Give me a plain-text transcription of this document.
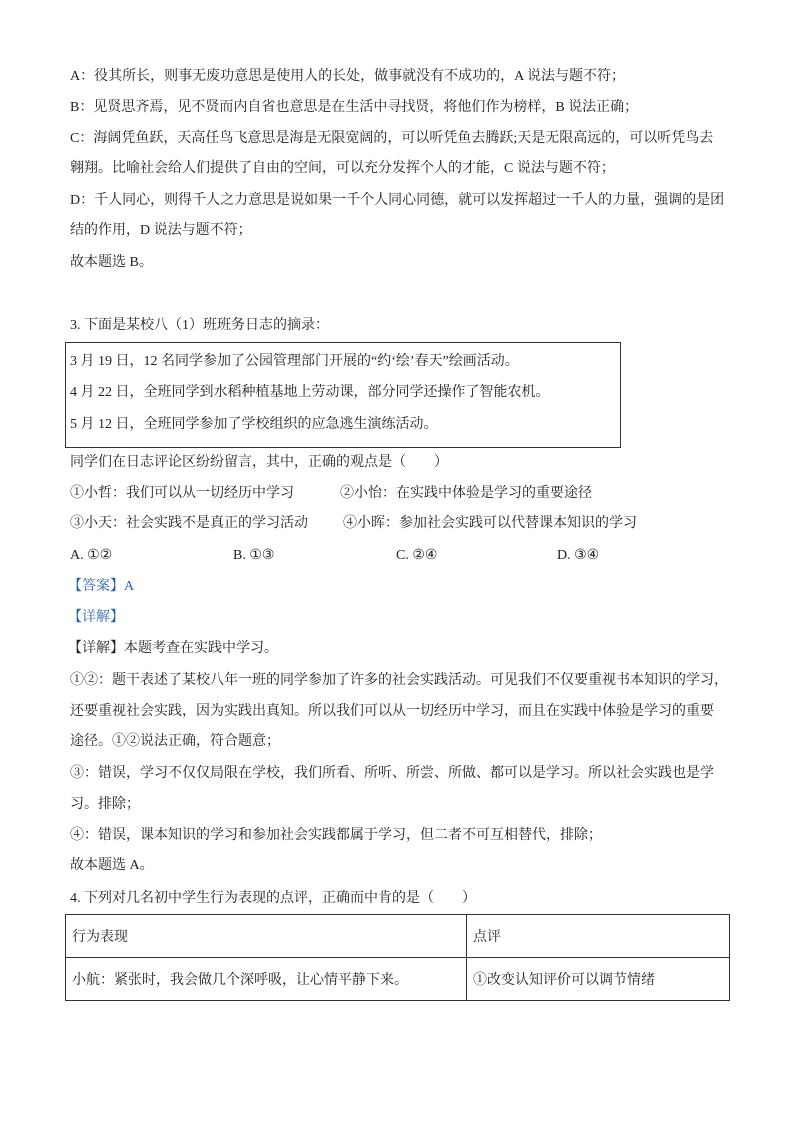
A：役其所长，则事无废功意思是使用人的长处，做事就没有不成功的，A 说法与题不符；
B：见贤思齐焉，见不贤而内自省也意思是在生活中寻找贤，将他们作为榜样，B 说法正确；
C：海阔凭鱼跃，天高任鸟飞意思是海是无限宽阔的，可以听凭鱼去腾跃;天是无限高远的，可以听凭鸟去
翱翔。比喻社会给人们提供了自由的空间，可以充分发挥个人的才能，C 说法与题不符；
D：千人同心，则得千人之力意思是说如果一千个人同心同德，就可以发挥超过一千人的力量，强调的是团
结的作用，D 说法与题不符；
故本题选 B。
3. 下面是某校八（1）班班务日志的摘录：
3 月 19 日，12 名同学参加了公园管理部门开展的“约‘绘’春天”绘画活动。
4 月 22 日，全班同学到水稻种植基地上劳动课，部分同学还操作了智能农机。
5 月 12 日，全班同学参加了学校组织的应急逃生演练活动。
同学们在日志评论区纷纷留言，其中，正确的观点是（　　）
①小哲：我们可以从一切经历中学习	②小怡：在实践中体验是学习的重要途径
③小天：社会实践不是真正的学习活动	④小晖：参加社会实践可以代替课本知识的学习
A. ①②	B. ①③	C. ②④	D. ③④
【答案】A
【详解】
【详解】本题考查在实践中学习。
①②：题干表述了某校八年一班的同学参加了许多的社会实践活动。可见我们不仅要重视书本知识的学习，
还要重视社会实践，因为实践出真知。所以我们可以从一切经历中学习，而且在实践中体验是学习的重要
途径。①②说法正确，符合题意；
③：错误，学习不仅仅局限在学校，我们所看、所听、所尝、所做、都可以是学习。所以社会实践也是学
习。排除；
④：错误，课本知识的学习和参加社会实践都属于学习，但二者不可互相替代，排除；
故本题选 A。
4. 下列对几名初中学生行为表现的点评，正确而中肯的是（　　）
行为表现	点评
小航：紧张时，我会做几个深呼吸，让心情平静下来。	①改变认知评价可以调节情绪
